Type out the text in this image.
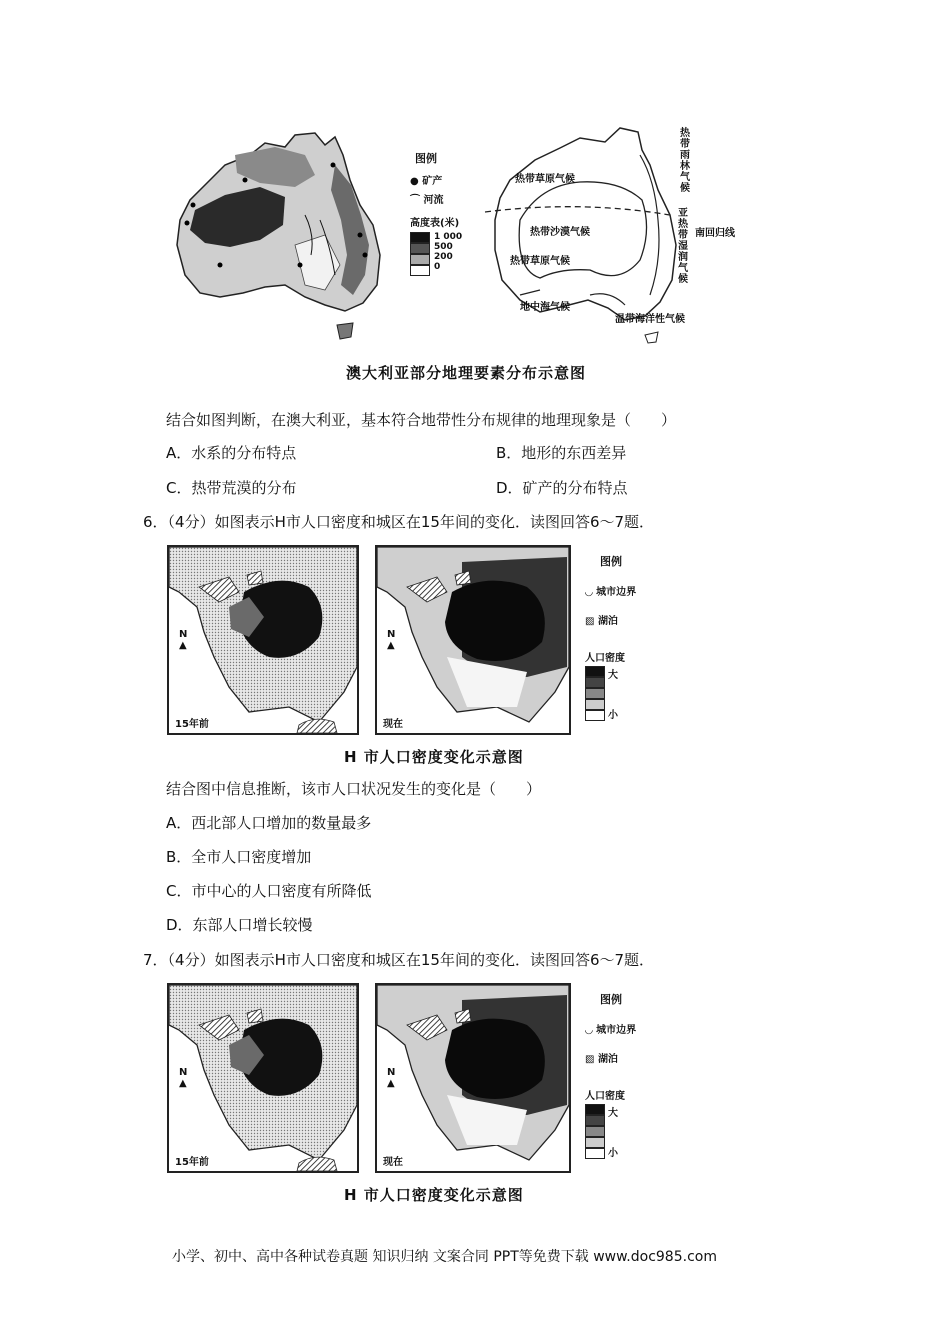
图例
● 矿产
⌒ 河流
高度表(米)
1 000
500
200
0
热带草原气候
热带沙漠气候
热带草原气候
地中海气候
温带海洋性气候
南回归线
热带雨林气候
亚热带湿润气候
澳大利亚部分地理要素分布示意图
结合如图判断，在澳大利亚，基本符合地带性分布规律的地理现象是（　　）
A．水系的分布特点	B．地形的东西差异
C．热带荒漠的分布	D．矿产的分布特点
6．（4分）如图表示H市人口密度和城区在15年间的变化．读图回答6～7题．
N
▲
15年前
N
▲
现在
图例
◡ 城市边界
▨ 湖泊
人口密度
大
小
H 市人口密度变化示意图
结合图中信息推断，该市人口状况发生的变化是（　　）
A．西北部人口增加的数量最多
B．全市人口密度增加
C．市中心的人口密度有所降低
D．东部人口增长较慢
7．（4分）如图表示H市人口密度和城区在15年间的变化．读图回答6～7题．
N
▲
15年前
N
▲
现在
图例
◡ 城市边界
▨ 湖泊
人口密度
大
小
H 市人口密度变化示意图
小学、初中、高中各种试卷真题 知识归纳 文案合同 PPT等免费下载 www.doc985.com
